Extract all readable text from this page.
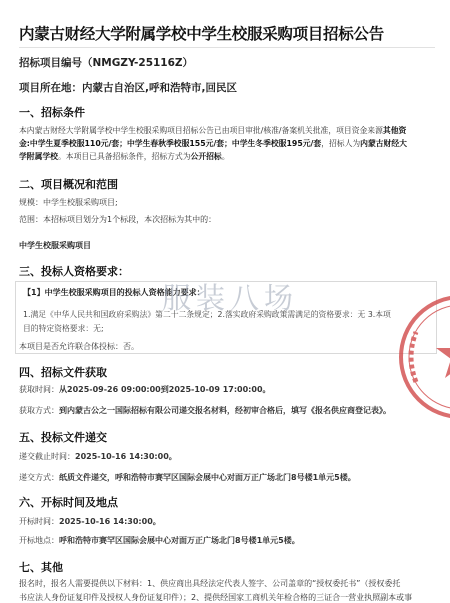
内蒙古财经大学附属学校中学生校服采购项目招标公告
招标项目编号（NMGZY-25116Z）
项目所在地：内蒙古自治区,呼和浩特市,回民区
一、招标条件
本内蒙古财经大学附属学校中学生校服采购项目招标公告已由项目审批/核准/备案机关批准，项目资金来源其他资
金:中学生夏季校服110元/套；中学生春秋季校服155元/套；中学生冬季校服195元/套，招标人为内蒙古财经大
学附属学校。本项目已具备招标条件，招标方式为公开招标。
二、项目概况和范围
规模：中学生校服采购项目;
范围：本招标项目划分为1个标段，本次招标为其中的：
中学生校服采购项目
三、投标人资格要求：
【1】中学生校服采购项目的投标人资格能力要求：
1.满足《中华人民共和国政府采购法》第二十二条规定；2.落实政府采购政策需满足的资格要求：无 3.本项
目的特定资格要求：无;
本项目是否允许联合体投标：否。
四、招标文件获取
获取时间：从2025-09-26 09:00:00到2025-10-09 17:00:00。
获取方式：到内蒙古公之一国际招标有限公司递交报名材料，经初审合格后，填写《报名供应商登记表》。
五、投标文件递交
递交截止时间：2025-10-16 14:30:00。
递交方式：纸质文件递交，呼和浩特市赛罕区国际会展中心对面万正广场北门8号楼1单元5楼。
六、开标时间及地点
开标时间：2025-10-16 14:30:00。
开标地点：呼和浩特市赛罕区国际会展中心对面万正广场北门8号楼1单元5楼。
七、其他
报名时，报名人需要提供以下材料：1、供应商出具经法定代表人签字、公司盖章的“授权委托书”（授权委托
书应法人身份证复印件及授权人身份证复印件）；2、提供经国家工商机关年检合格的三证合一营业执照副本或事
服装八场
